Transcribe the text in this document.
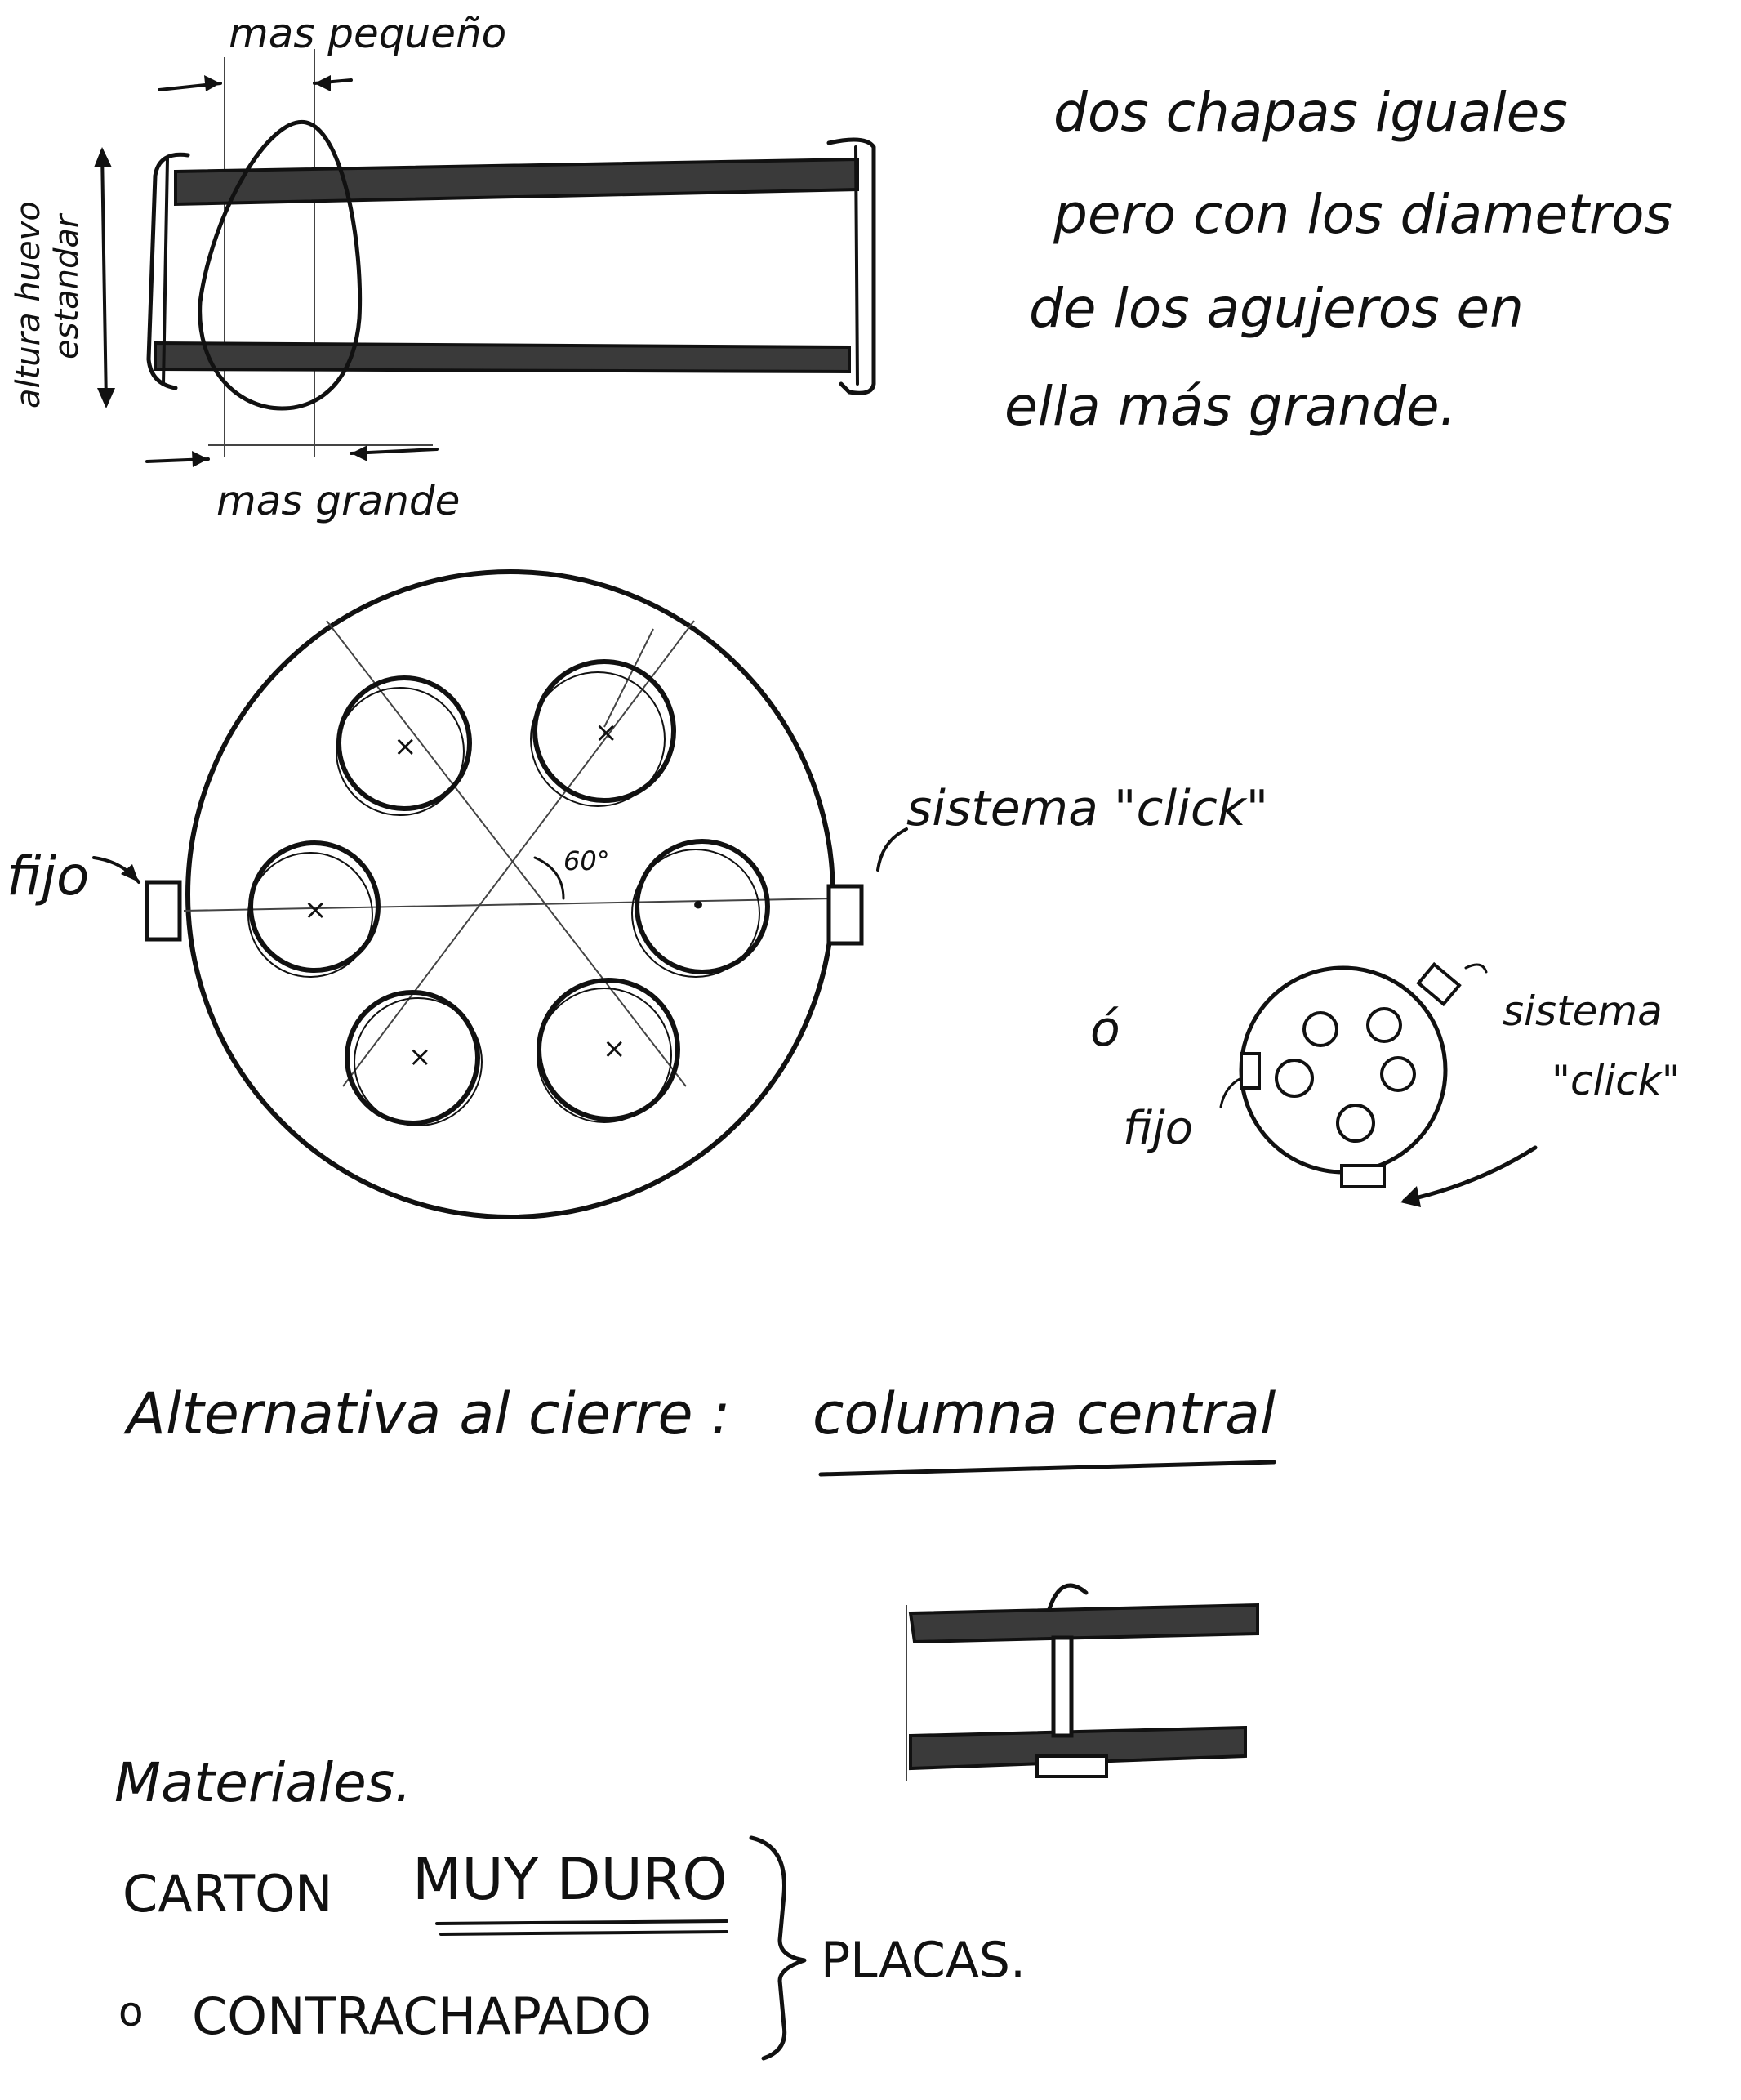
mas pequeño
mas grande
altura huevo estandar
dos chapas iguales
pero con los diametros
de los agujeros en
ella más grande.
×	×
×	•
×	×
60°
fijo
sistema "click"
ó	sistema
"click"
fijo
Alternativa al cierre : columna central
Materiales.
CARTON MUY DURO
o CONTRACHAPADO
PLACAS.
